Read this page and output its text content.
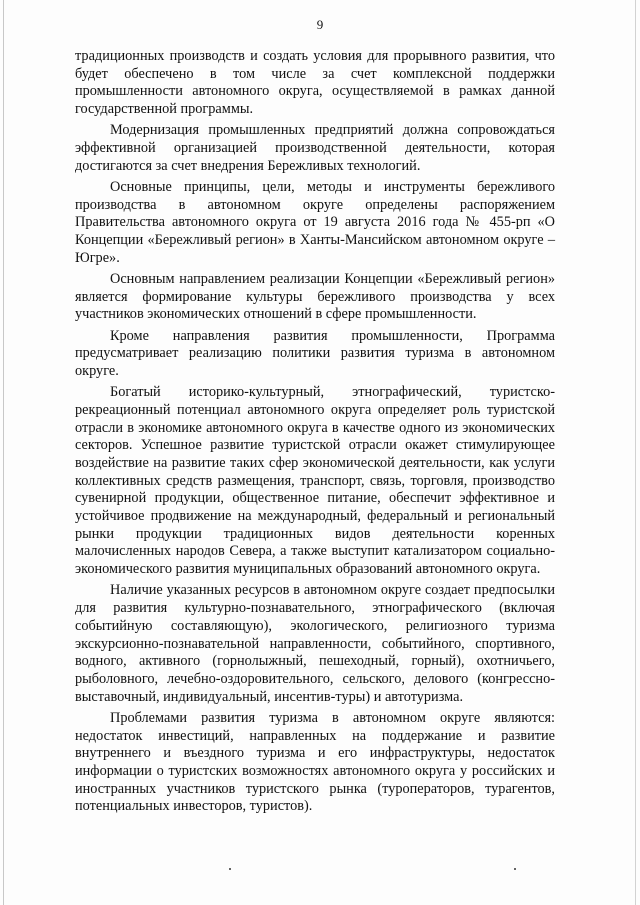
9

традиционных производств и создать условия для прорывного развития, что будет обеспечено в том числе за счет комплексной поддержки промышленности автономного округа, осуществляемой в рамках данной государственной программы.

Модернизация промышленных предприятий должна сопровождаться эффективной организацией производственной деятельности, которая достигаются за счет внедрения Бережливых технологий.

Основные принципы, цели, методы и инструменты бережливого производства в автономном округе определены распоряжением Правительства автономного округа от 19 августа 2016 года № 455-рп «О Концепции «Бережливый регион» в Ханты-Мансийском автономном округе – Югре».

Основным направлением реализации Концепции «Бережливый регион» является формирование культуры бережливого производства у всех участников экономических отношений в сфере промышленности.

Кроме направления развития промышленности, Программа предусматривает реализацию политики развития туризма в автономном округе.

Богатый историко-культурный, этнографический, туристско-рекреационный потенциал автономного округа определяет роль туристской отрасли в экономике автономного округа в качестве одного из экономических секторов. Успешное развитие туристской отрасли окажет стимулирующее воздействие на развитие таких сфер экономической деятельности, как услуги коллективных средств размещения, транспорт, связь, торговля, производство сувенирной продукции, общественное питание, обеспечит эффективное и устойчивое продвижение на международный, федеральный и региональный рынки продукции традиционных видов деятельности коренных малочисленных народов Севера, а также выступит катализатором социально-экономического развития муниципальных образований автономного округа.

Наличие указанных ресурсов в автономном округе создает предпосылки для развития культурно-познавательного, этнографического (включая событийную составляющую), экологического, религиозного туризма экскурсионно-познавательной направленности, событийного, спортивного, водного, активного (горнолыжный, пешеходный, горный), охотничьего, рыболовного, лечебно-оздоровительного, сельского, делового (конгрессно-выставочный, индивидуальный, инсентив-туры) и автотуризма.

Проблемами развития туризма в автономном округе являются: недостаток инвестиций, направленных на поддержание и развитие внутреннего и въездного туризма и его инфраструктуры, недостаток информации о туристских возможностях автономного округа у российских и иностранных участников туристского рынка (туроператоров, турагентов, потенциальных инвесторов, туристов).
